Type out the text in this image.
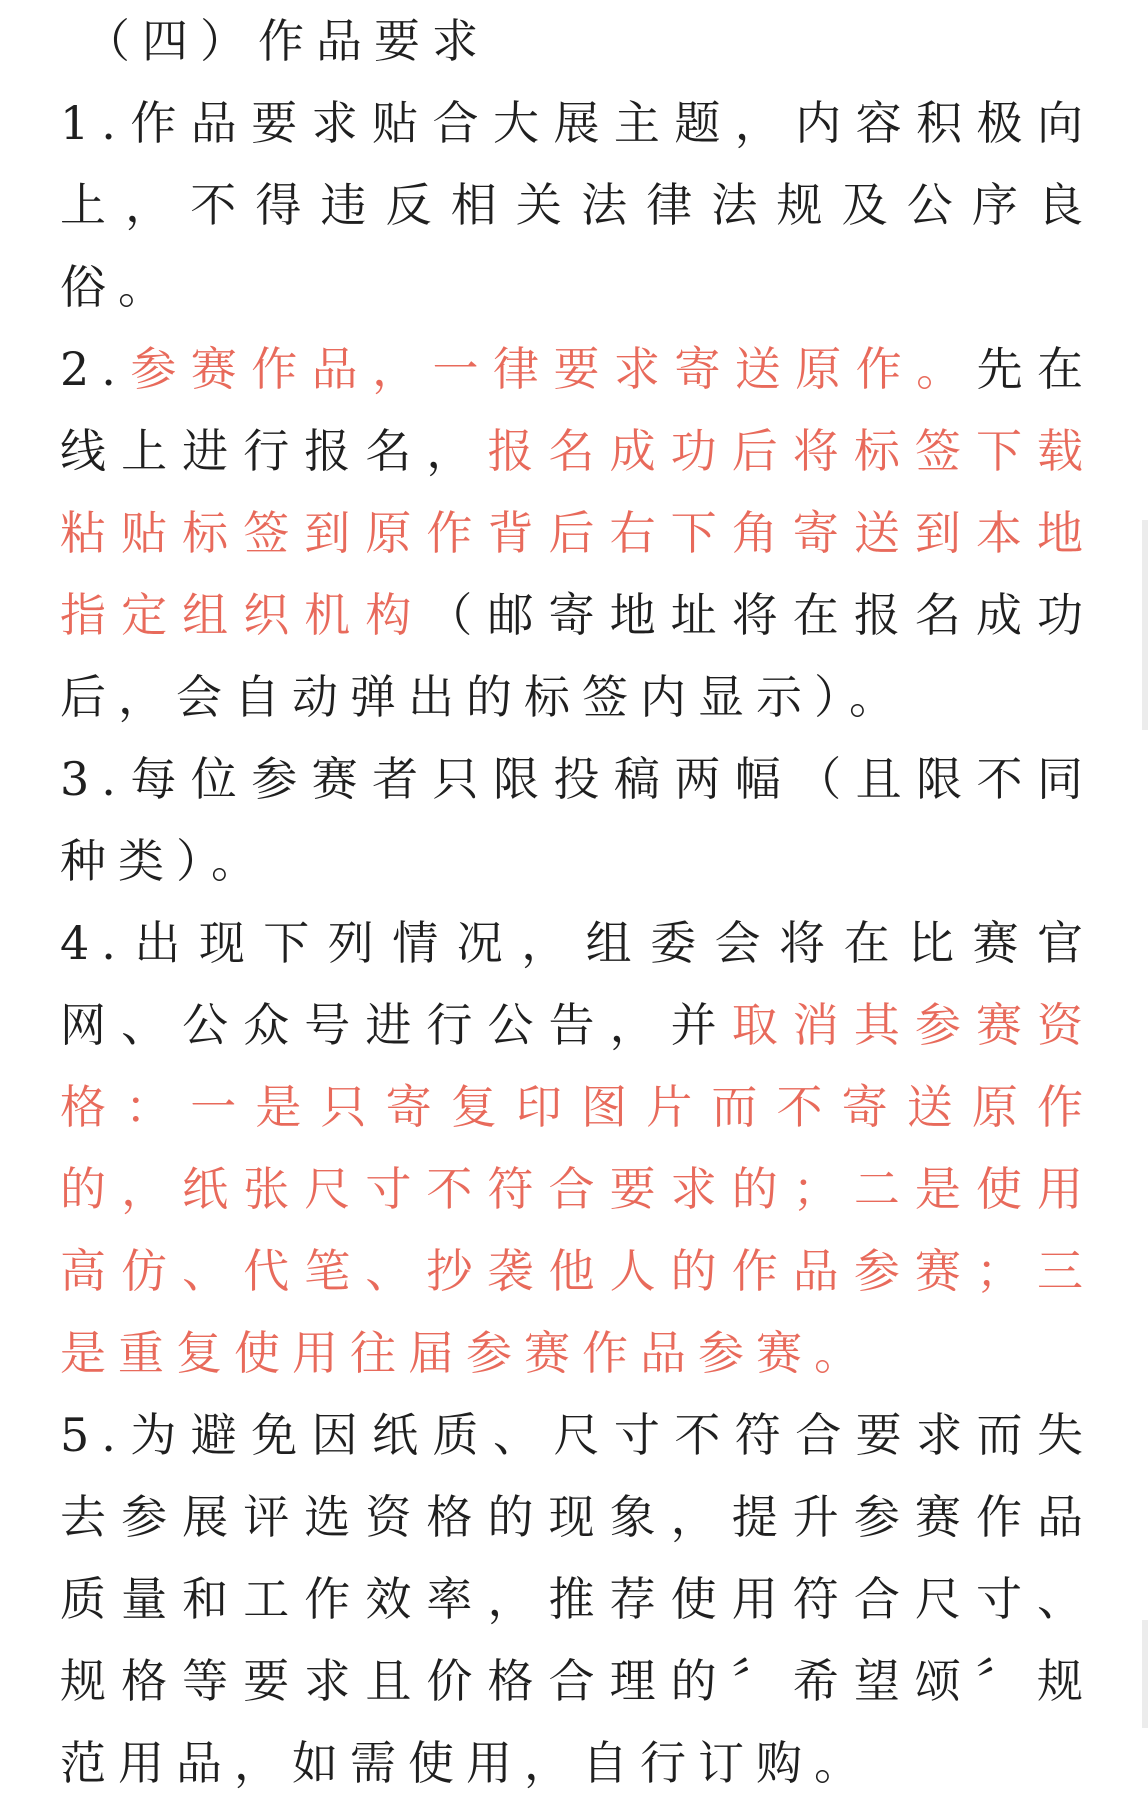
（四）作品要求

1.作品要求贴合大展主题，内容积极向上，不得违反相关法律法规及公序良俗。

2.参赛作品，一律要求寄送原作。先在线上进行报名，报名成功后将标签下载粘贴标签到原作背后右下角寄送到本地指定组织机构（邮寄地址将在报名成功后，会自动弹出的标签内显示）。

3.每位参赛者只限投稿两幅（且限不同种类）。

4.出现下列情况，组委会将在比赛官网、公众号进行公告，并取消其参赛资格：一是只寄复印图片而不寄送原作的，纸张尺寸不符合要求的；二是使用高仿、代笔、抄袭他人的作品参赛；三是重复使用往届参赛作品参赛。

5.为避免因纸质、尺寸不符合要求而失去参展评选资格的现象，提升参赛作品质量和工作效率，推荐使用符合尺寸、规格等要求且价格合理的〞希望颂〞规范用品，如需使用，自行订购。
